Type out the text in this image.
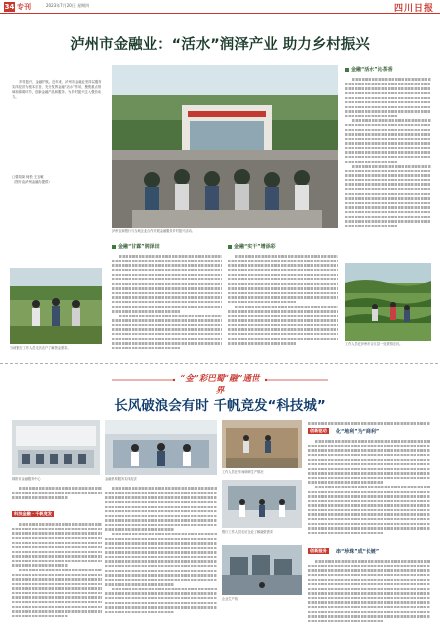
34 专刊	2023年7月20日 星期四	四川日报
泸州市金融业：“活水”润泽产业 助力乡村振兴
乡村振兴，金融护航。近年来，泸州市金融业坚持以服务实体经济为根本宗旨，充分发挥金融“活水”作用，聚焦重点领域和薄弱环节，创新金融产品和服务，为乡村振兴注入强劲动力。
□曾周岗 何松 王玉敏
（图片由泸州金融办提供）
泸州农商银行与当地企业合作开展金融服务乡村振兴活动。
金融“活水”沁茶香
工作人员在泸州市合江县一处茶园走访。
金融“甘霖”润泽田	金融“实干”增添彩
当地银行工作人员走访农户了解资金需求。
“金”彩巴蜀“融”通世界
长风破浪会有时 千帆竞发“科技城”
绵阳市金融服务中心	金融机构服务实体经济
工作人员在车间调研生产情况
银行工作人员走访企业了解融资需求
企业生产线
科技金融 · 千帆竞发
创新驱动	化“地利”为“商利”
创新服务	串“珍珠”成“长链”
